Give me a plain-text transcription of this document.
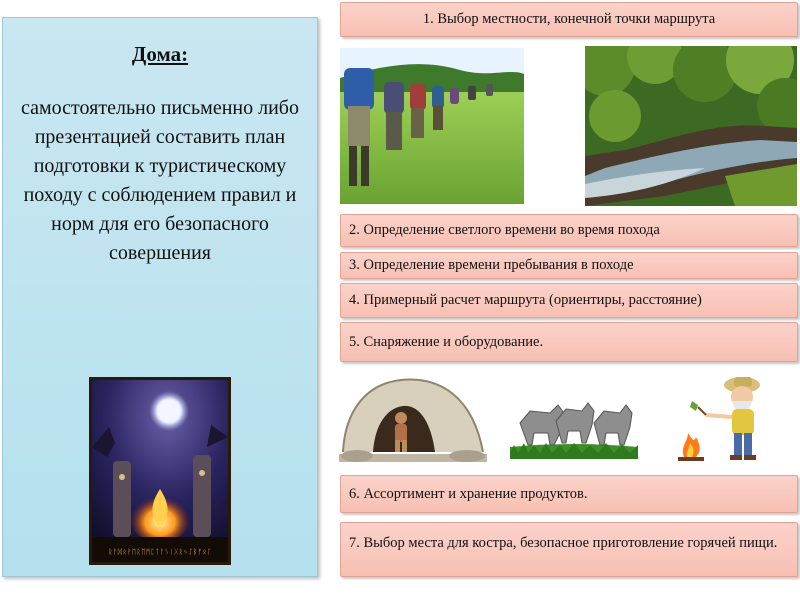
Дома:
самостоятельно письменно либо презентацией составить план подготовки к туристическому походу с соблюдением правил и норм для его безопасного совершения
∞
ᚱᚨᛞᛟᚹᛖᚱᛖᛗᛈᛏᚨᛊᛁᚷᚱᛃᛇᛒᚠᛟᛚ
1. Выбор местности, конечной точки маршрута
2. Определение светлого времени во время похода
3. Определение времени пребывания в походе
4. Примерный расчет маршрута (ориентиры, расстояние)
5. Снаряжение и оборудование.
6. Ассортимент и хранение продуктов.
7. Выбор места для костра, безопасное приготовление горячей пищи.
